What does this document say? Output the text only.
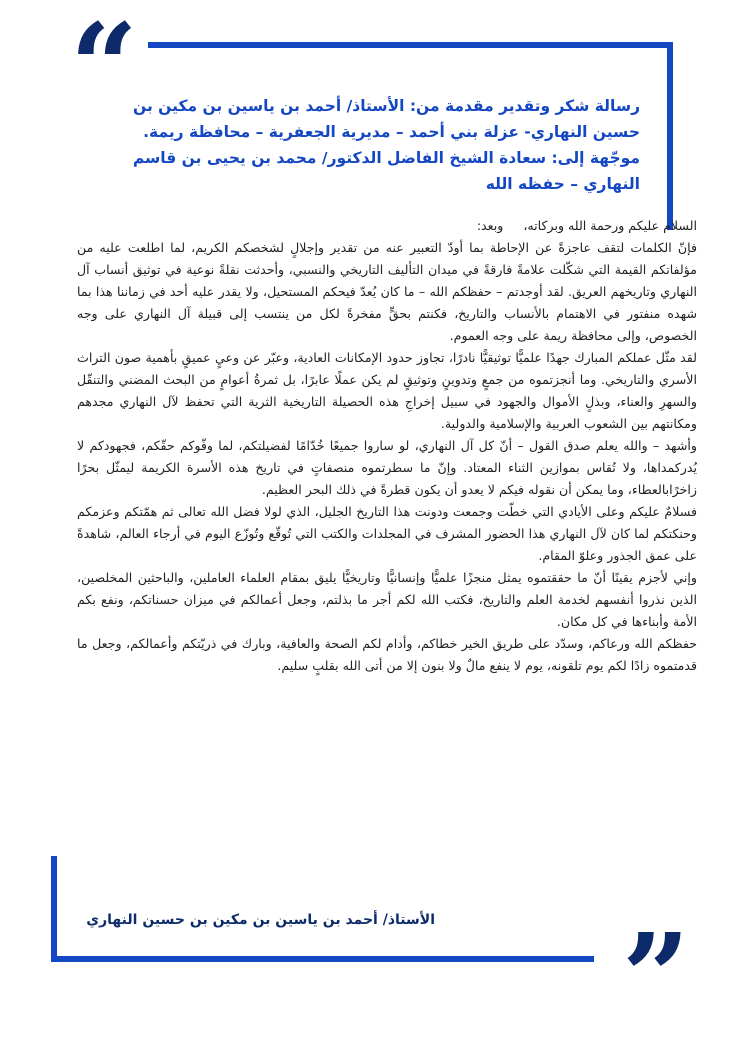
“

رسالة شكر وتقدير مقدمة من: الأستاذ/ أحمد بن ياسين بن مكين بن حسين النهاري- عزلة بني أحمد – مديرية الجعفرية – محافظة ريمة.

موجّهة إلى: سعادة الشيخ الفاضل الدكتور/ محمد بن يحيى بن قاسم النهاري – حفظه الله

السلام عليكم ورحمة الله وبركاته،وبعد:

فإنّ الكلمات لتقف عاجزةً عن الإحاطة بما أودّ التعبير عنه من تقدير وإجلالٍ لشخصكم الكريم، لما اطلعت عليه من مؤلفاتكم القيمة التي شكّلت علامةً فارقةً في ميدان التأليف التاريخي والنسبي، وأحدثت نقلةً نوعية في توثيق أنساب آل النهاري وتاريخهم العريق. لقد أوجدتم – حفظكم الله – ما كان يُعدّ فيحكم المستحيل، ولا يقدر عليه أحد في زماننا هذا بما شهده منفتور في الاهتمام بالأنساب والتاريخ، فكنتم بحقٍّ مفخرةً لكل من ينتسب إلى قبيلة آل النهاري على وجه الخصوص، وإلى محافظة ريمة على وجه العموم.

لقد مثّل عملكم المبارك جهدًا علميًّا توثيقيًّا نادرًا، تجاوز حدود الإمكانات العادية، وعبّر عن وعيٍ عميقٍ بأهمية صون التراث الأسري والتاريخي. وما أنجزتموه من جمعٍ وتدوينٍ وتوثيقٍ لم يكن عملًا عابرًا، بل ثمرةُ أعوامٍ من البحث المضني والتنقّل والسهرِ والعناء، وبذلٍ الأموال والجهود في سبيل إخراجِ هذه الحصيلة التاريخية الثرية التي تحفظ لآل النهاري مجدهم ومكانتهم بين الشعوب العربية والإسلامية والدولية.

وأشهد – والله يعلم صدق القول – أنّ كل آل النهاري، لو ساروا جميعًا خُدّامًا لفضيلتكم، لما وفّوكم حقّكم، فجهودكم لا يُدركمداها، ولا تُقاس بموازين الثناء المعتاد. وإنّ ما سطرتموه منصفاتٍ في تاريخ هذه الأسرة الكريمة ليمثّل بحرًا زاخرًابالعطاء، وما يمكن أن نقوله فيكم لا يعدو أن يكون قطرةً في ذلك البحر العظيم.

فسلامٌ عليكم وعلى الأيادي التي خطّت وجمعت ودونت هذا التاريخ الجليل، الذي لولا فضل الله تعالى ثم همّتكم وعزمكم وحنكتكم لما كان لآل النهاري هذا الحضور المشرف في المجلدات والكتب التي تُوقّع وتُوزّع اليوم في أرجاء العالم، شاهدةً على عمق الجذور وعلوّ المقام.

وإني لأجزم يقينًا أنّ ما حققتموه يمثل منجزًا علميًّا وإنسانيًّا وتاريخيًّا يليق بمقام العلماء العاملين، والباحثين المخلصين، الذين نذروا أنفسهم لخدمة العلم والتاريخ، فكتب الله لكم أجر ما بذلتم، وجعل أعمالكم في ميزان حسناتكم، ونفع بكم الأمة وأبناءها في كل مكان.

حفظكم الله ورعاكم، وسدّد على طريق الخير خطاكم، وأدام لكم الصحة والعافية، وبارك في ذريّتكم وأعمالكم، وجعل ما قدمتموه زادًا لكم يوم تلقونه، يوم لا ينفع مالٌ ولا بنون إلا من أتى الله بقلبٍ سليم.

الأستاذ/ أحمد بن ياسين بن مكين بن حسين النهاري ”
